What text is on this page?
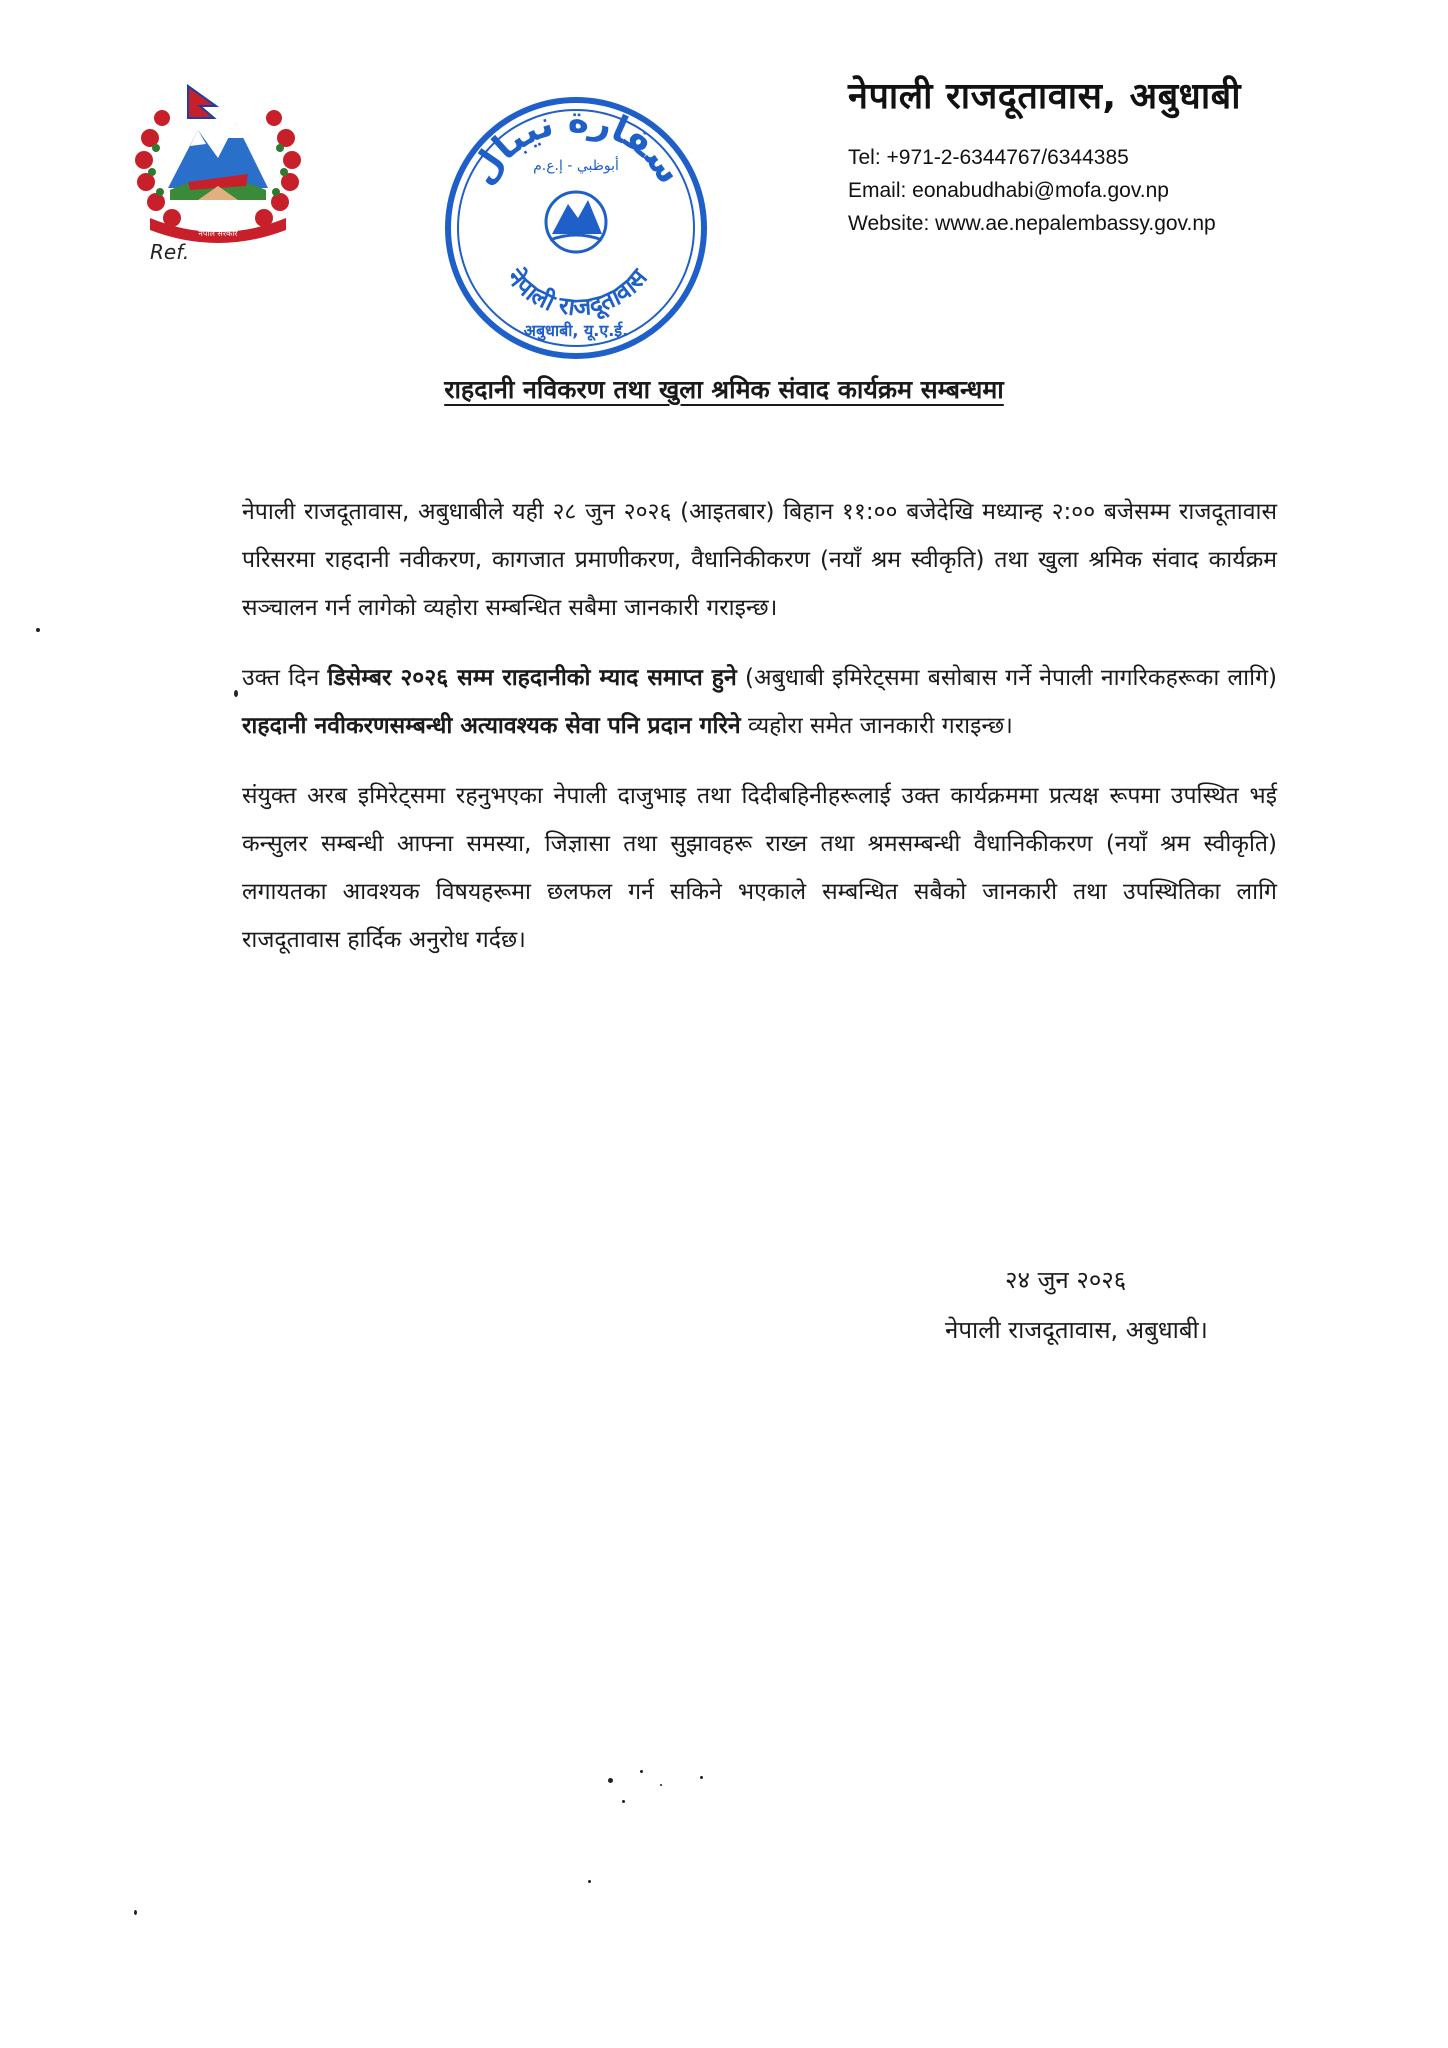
नेपाल सरकार
Ref.
سفارة نيبال
أبوظبي - إ.ع.م
नेपाली राजदूतावास
अबुधाबी, यू.ए.ई.

नेपाली राजदूतावास, अबुधाबी

Tel: +971-2-6344767/6344385

Email: eonabudhabi@mofa.gov.np

Website: www.ae.nepalembassy.gov.np

राहदानी नविकरण तथा खुला श्रमिक संवाद कार्यक्रम सम्बन्धमा

नेपाली राजदूतावास, अबुधाबीले यही २८ जुन २०२६ (आइतबार) बिहान ११:०० बजेदेखि मध्यान्ह २:०० बजेसम्म राजदूतावास परिसरमा राहदानी नवीकरण, कागजात प्रमाणीकरण, वैधानिकीकरण (नयाँ श्रम स्वीकृति) तथा खुला श्रमिक संवाद कार्यक्रम सञ्चालन गर्न लागेको व्यहोरा सम्बन्धित सबैमा जानकारी गराइन्छ।

उक्त दिन डिसेम्बर २०२६ सम्म राहदानीको म्याद समाप्त हुने (अबुधाबी इमिरेट्समा बसोबास गर्ने नेपाली नागरिकहरूका लागि) राहदानी नवीकरणसम्बन्धी अत्यावश्यक सेवा पनि प्रदान गरिने व्यहोरा समेत जानकारी गराइन्छ।

संयुक्त अरब इमिरेट्समा रहनुभएका नेपाली दाजुभाइ तथा दिदीबहिनीहरूलाई उक्त कार्यक्रममा प्रत्यक्ष रूपमा उपस्थित भई कन्सुलर सम्बन्धी आफ्ना समस्या, जिज्ञासा तथा सुझावहरू राख्न तथा श्रमसम्बन्धी वैधानिकीकरण (नयाँ श्रम स्वीकृति) लगायतका आवश्यक विषयहरूमा छलफल गर्न सकिने भएकाले सम्बन्धित सबैको जानकारी तथा उपस्थितिका लागि राजदूतावास हार्दिक अनुरोध गर्दछ।

२४ जुन २०२६
नेपाली राजदूतावास, अबुधाबी।
